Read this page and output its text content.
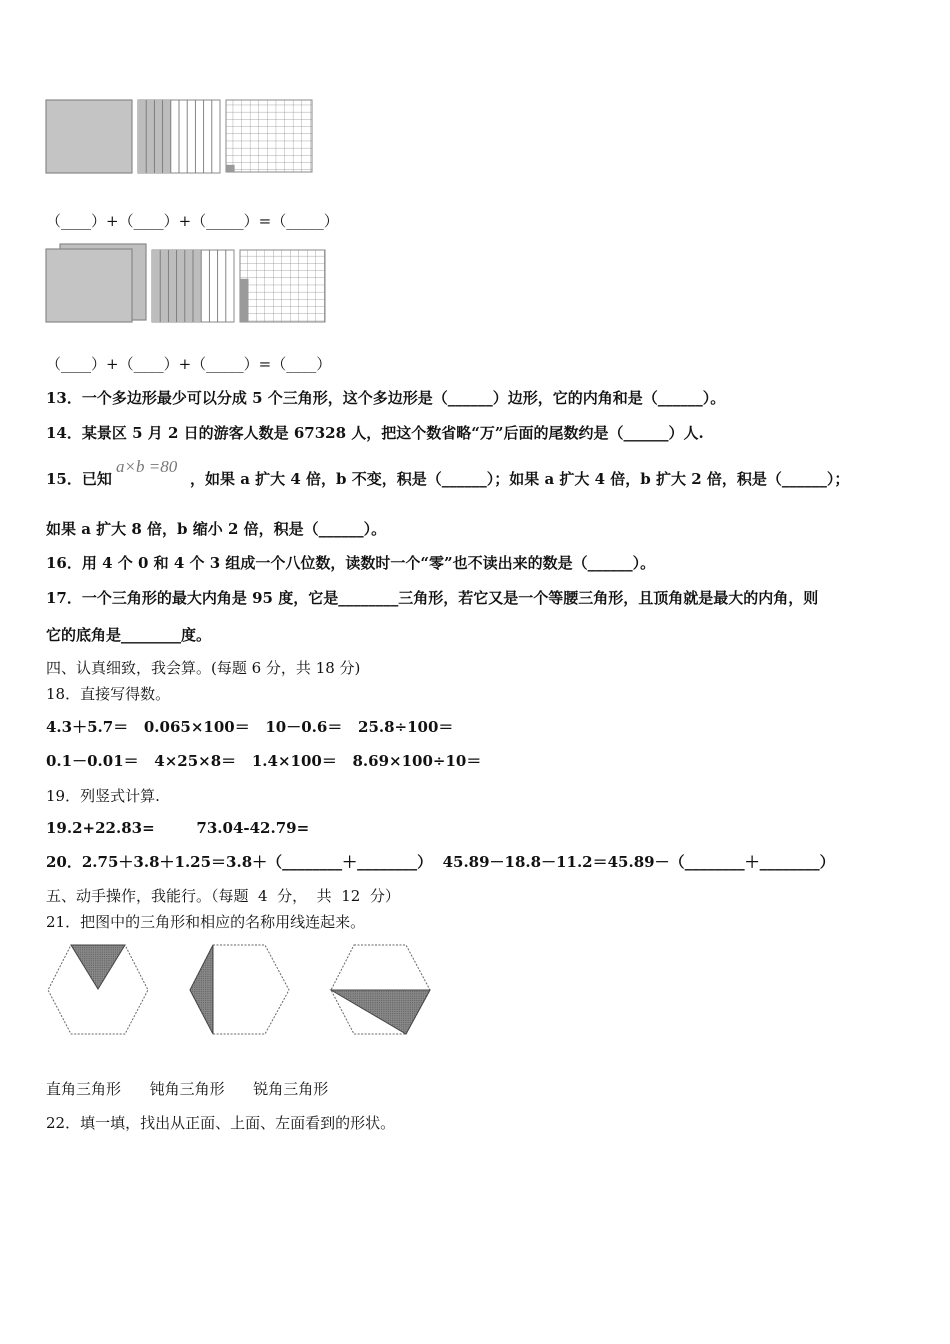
（____）+（____）+（_____）=（_____）
（____）+（____）+（_____）=（____）
13．一个多边形最少可以分成 5 个三角形，这个多边形是（______）边形，它的内角和是（______）。
14．某景区 5 月 2 日的游客人数是 67328 人，把这个数省略“万”后面的尾数约是（______）人.
15．已知
a×b =80
，如果 a 扩大 4 倍，b 不变，积是（______）；如果 a 扩大 4 倍，b 扩大 2 倍，积是（______）；
如果 a 扩大 8 倍，b 缩小 2 倍，积是（______）。
16．用 4 个 0 和 4 个 3 组成一个八位数，读数时一个“零”也不读出来的数是（______）。
17．一个三角形的最大内角是 95 度，它是________三角形，若它又是一个等腰三角形，且顶角就是最大的内角，则
它的底角是________度。
四、认真细致，我会算。(每题 6 分，共 18 分)
18．直接写得数。
4.3＋5.7＝   0.065×100＝   10－0.6＝   25.8÷100＝
0.1－0.01＝   4×25×8＝   1.4×100＝   8.69×100÷10＝
19．列竖式计算.
19.2+22.83=        73.04-42.79=
20．2.75＋3.8＋1.25＝3.8＋（________＋________）  45.89－18.8－11.2＝45.89－（________＋________）
五、动手操作，我能行。（每题  4  分，  共  12  分）
21．把图中的三角形和相应的名称用线连起来。
直角三角形      钝角三角形      锐角三角形
22．填一填，找出从正面、上面、左面看到的形状。
